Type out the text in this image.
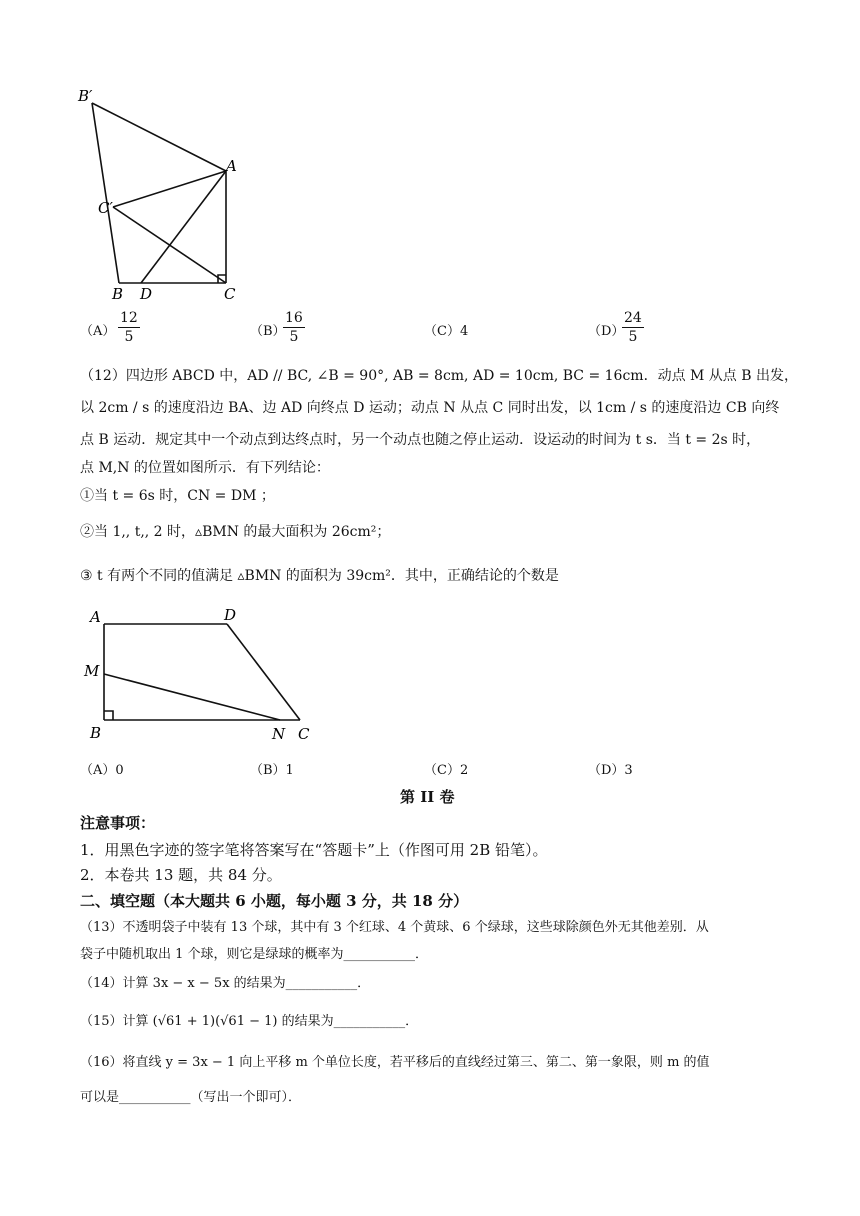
B′
A
C′
B D	C
$(A) \frac{12}{5}$	（B）
$\frac{16}{5}$	（C）4	（D）
$\frac{24}{5}$
（12）四边形 ABCD 中，AD // BC, ∠B = 90°, AB = 8cm, AD = 10cm, BC = 16cm．动点 M 从点 B 出发，
以 2cm / s 的速度沿边 BA、边 AD 向终点 D 运动；动点 N 从点 C 同时出发，以 1cm / s 的速度沿边 CB 向终
点 B 运动．规定其中一个动点到达终点时，另一个动点也随之停止运动．设运动的时间为 t s．当 t = 2s 时，
点 M,N 的位置如图所示．有下列结论：
①当 t = 6s 时，CN = DM ；
②当 1,, t,, 2 时，▵BMN 的最大面积为 26cm²；
③ t 有两个不同的值满足 ▵BMN 的面积为 39cm²．其中，正确结论的个数是
A	D
M
B	N C
（A）0	（B）1	（C）2	（D）3
第 II 卷
注意事项：
1．用黑色字迹的签字笔将答案写在“答题卡”上（作图可用 2B 铅笔）。
2．本卷共 13 题，共 84 分。
二、填空题（本大题共 6 小题，每小题 3 分，共 18 分）
（13）不透明袋子中装有 13 个球，其中有 3 个红球、4 个黄球、6 个绿球，这些球除颜色外无其他差别．从
袋子中随机取出 1 个球，则它是绿球的概率为___________．
（14）计算 3x − x − 5x 的结果为___________．
（15）计算 (√61 + 1)(√61 − 1) 的结果为___________．
（16）将直线 y = 3x − 1 向上平移 m 个单位长度，若平移后的直线经过第三、第二、第一象限，则 m 的值
可以是___________（写出一个即可）．
